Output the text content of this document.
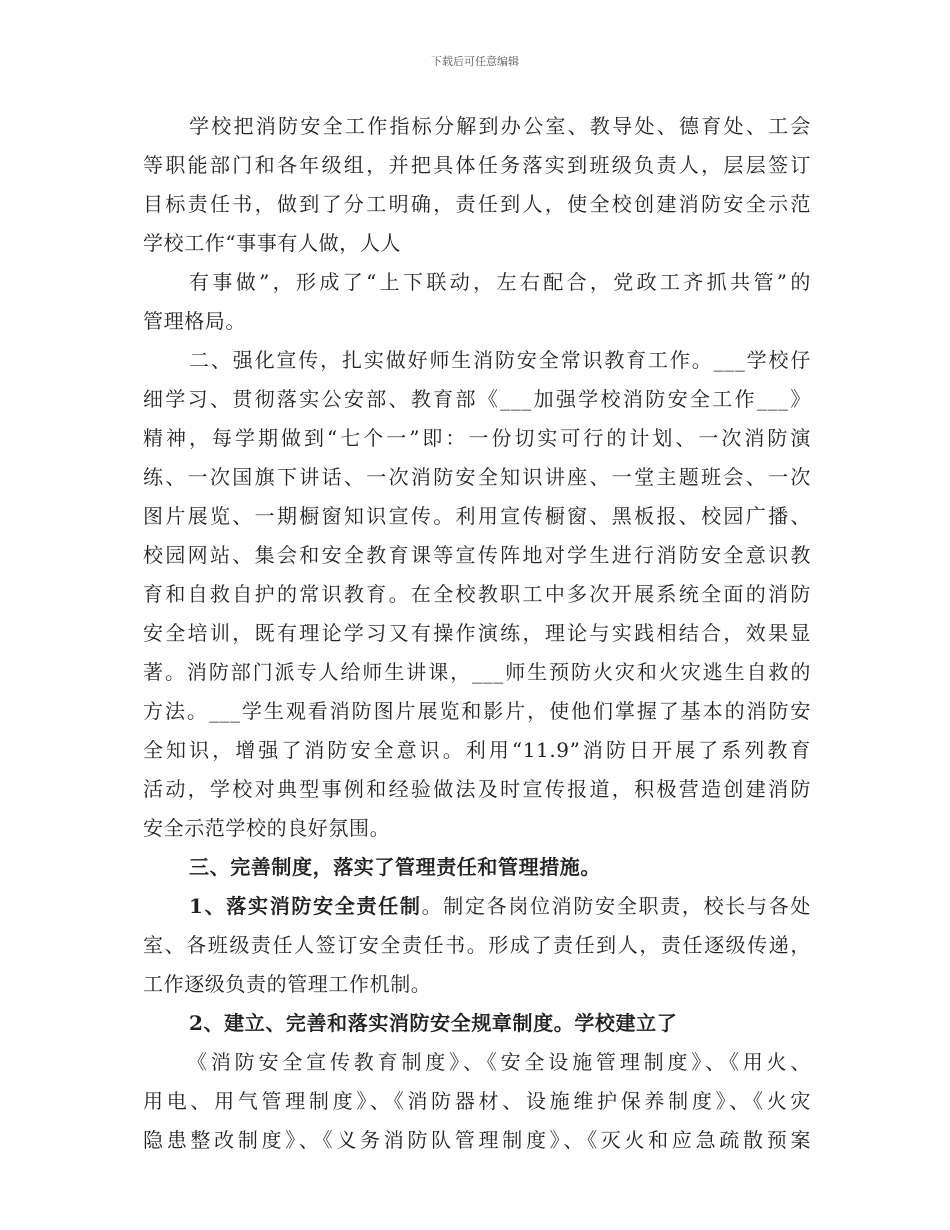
下载后可任意编辑
学校把消防安全工作指标分解到办公室、教导处、德育处、工会
等职能部门和各年级组，并把具体任务落实到班级负责人，层层签订
目标责任书，做到了分工明确，责任到人，使全校创建消防安全示范
学校工作“事事有人做，人人
有事做”，形成了“上下联动，左右配合，党政工齐抓共管”的
管理格局。
二、强化宣传，扎实做好师生消防安全常识教育工作。___学校仔
细学习、贯彻落实公安部、教育部《___加强学校消防安全工作___》
精神，每学期做到“七个一”即：一份切实可行的计划、一次消防演
练、一次国旗下讲话、一次消防安全知识讲座、一堂主题班会、一次
图片展览、一期橱窗知识宣传。利用宣传橱窗、黑板报、校园广播、
校园网站、集会和安全教育课等宣传阵地对学生进行消防安全意识教
育和自救自护的常识教育。在全校教职工中多次开展系统全面的消防
安全培训，既有理论学习又有操作演练，理论与实践相结合，效果显
著。消防部门派专人给师生讲课，___师生预防火灾和火灾逃生自救的
方法。___学生观看消防图片展览和影片，使他们掌握了基本的消防安
全知识，增强了消防安全意识。利用“11.9”消防日开展了系列教育
活动，学校对典型事例和经验做法及时宣传报道，积极营造创建消防
安全示范学校的良好氛围。
三、完善制度，落实了管理责任和管理措施。
1、落实消防安全责任制。制定各岗位消防安全职责，校长与各处
室、各班级责任人签订安全责任书。形成了责任到人，责任逐级传递，
工作逐级负责的管理工作机制。
2、建立、完善和落实消防安全规章制度。学校建立了
《消防安全宣传教育制度》、《安全设施管理制度》、《用火、
用电、用气管理制度》、《消防器材、设施维护保养制度》、《火灾
隐患整改制度》、《义务消防队管理制度》、《灭火和应急疏散预案
